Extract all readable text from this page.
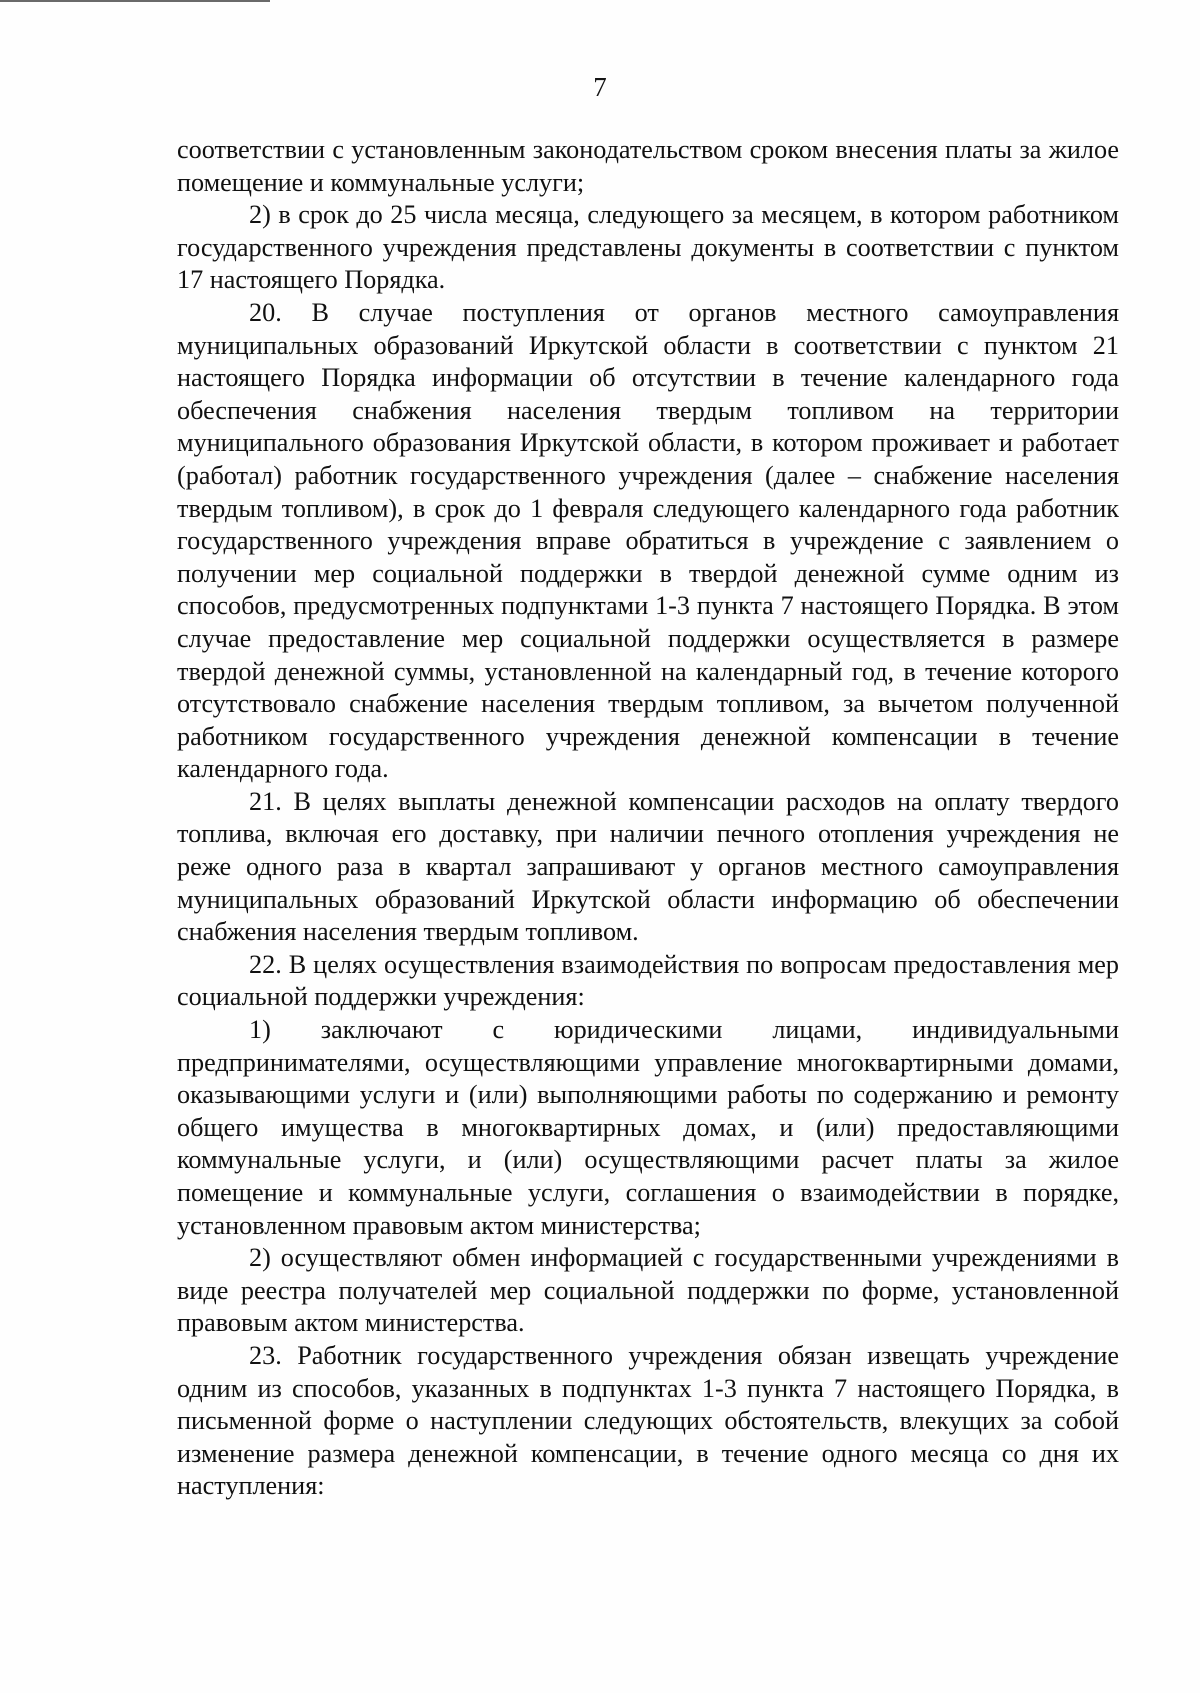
7

соответствии с установленным законодательством сроком внесения платы за жилое помещение и коммунальные услуги;

2) в срок до 25 числа месяца, следующего за месяцем, в котором работником государственного учреждения представлены документы в соответствии с пунктом 17 настоящего Порядка.

20. В случае поступления от органов местного самоуправления муниципальных образований Иркутской области в соответствии с пунктом 21 настоящего Порядка информации об отсутствии в течение календарного года обеспечения снабжения населения твердым топливом на территории муниципального образования Иркутской области, в котором проживает и работает (работал) работник государственного учреждения (далее – снабжение населения твердым топливом), в срок до 1 февраля следующего календарного года работник государственного учреждения вправе обратиться в учреждение с заявлением о получении мер социальной поддержки в твердой денежной сумме одним из способов, предусмотренных подпунктами 1-3 пункта 7 настоящего Порядка. В этом случае предоставление мер социальной поддержки осуществляется в размере твердой денежной суммы, установленной на календарный год, в течение которого отсутствовало снабжение населения твердым топливом, за вычетом полученной работником государственного учреждения денежной компенсации в течение календарного года.

21. В целях выплаты денежной компенсации расходов на оплату твердого топлива, включая его доставку, при наличии печного отопления учреждения не реже одного раза в квартал запрашивают у органов местного самоуправления муниципальных образований Иркутской области информацию об обеспечении снабжения населения твердым топливом.

22. В целях осуществления взаимодействия по вопросам предоставления мер социальной поддержки учреждения:

1) заключают с юридическими лицами, индивидуальными предпринимателями, осуществляющими управление многоквартирными домами, оказывающими услуги и (или) выполняющими работы по содержанию и ремонту общего имущества в многоквартирных домах, и (или) предоставляющими коммунальные услуги, и (или) осуществляющими расчет платы за жилое помещение и коммунальные услуги, соглашения о взаимодействии в порядке, установленном правовым актом министерства;

2) осуществляют обмен информацией с государственными учреждениями в виде реестра получателей мер социальной поддержки по форме, установленной правовым актом министерства.

23. Работник государственного учреждения обязан извещать учреждение одним из способов, указанных в подпунктах 1-3 пункта 7 настоящего Порядка, в письменной форме о наступлении следующих обстоятельств, влекущих за собой изменение размера денежной компенсации, в течение одного месяца со дня их наступления:
